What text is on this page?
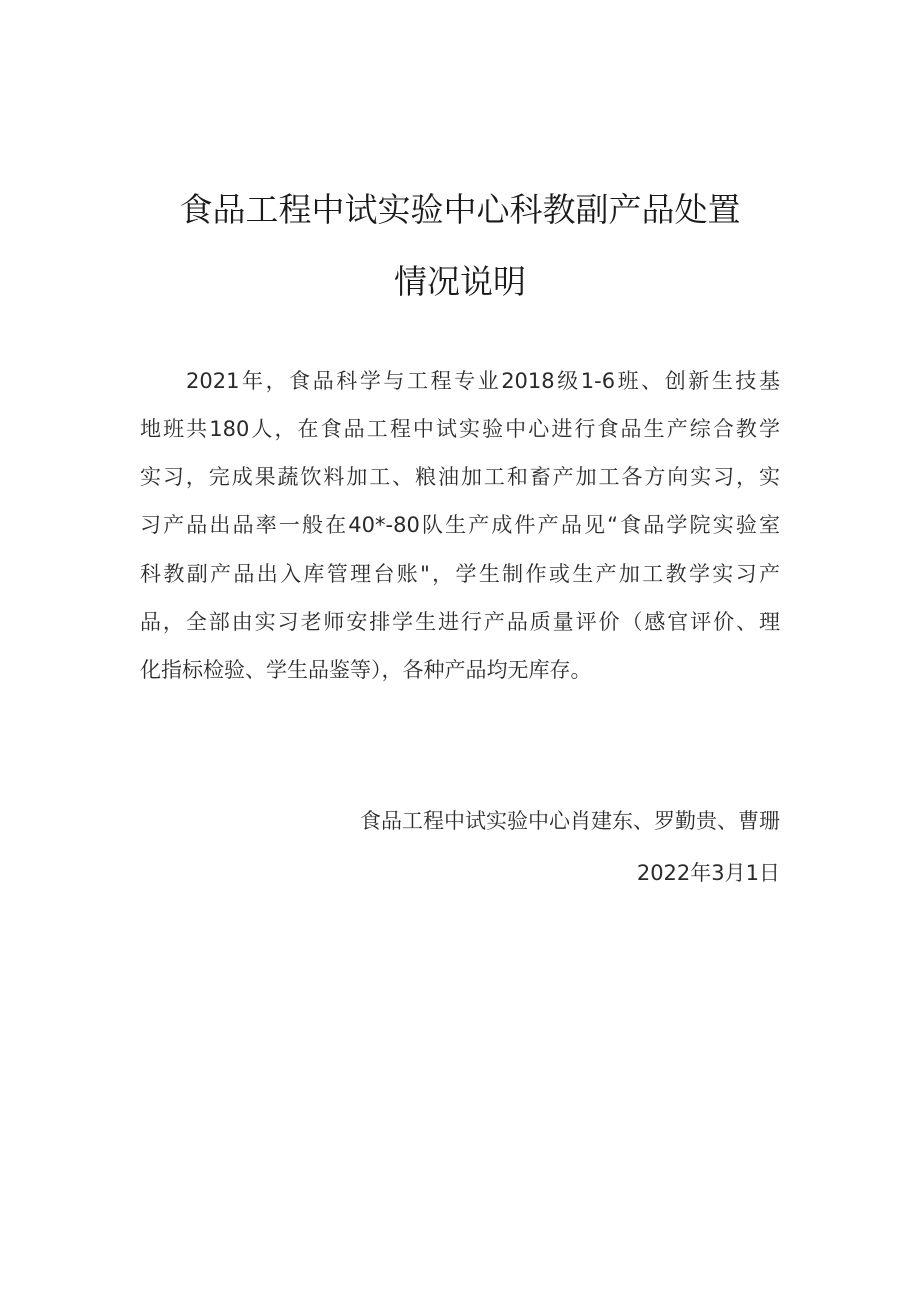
食品工程中试实验中心科教副产品处置
情况说明
2021年，食品科学与工程专业2018级1-6班、创新生技基
地班共180人，在食品工程中试实验中心进行食品生产综合教学
实习，完成果蔬饮料加工、粮油加工和畜产加工各方向实习，实
习产品出品率一般在40*-80队生产成件产品见“食品学院实验室
科教副产品出入库管理台账"，学生制作或生产加工教学实习产
品，全部由实习老师安排学生进行产品质量评价（感官评价、理
化指标检验、学生品鉴等），各种产品均无库存。
食品工程中试实验中心肖建东、罗勤贵、曹珊
2022年3月1日
